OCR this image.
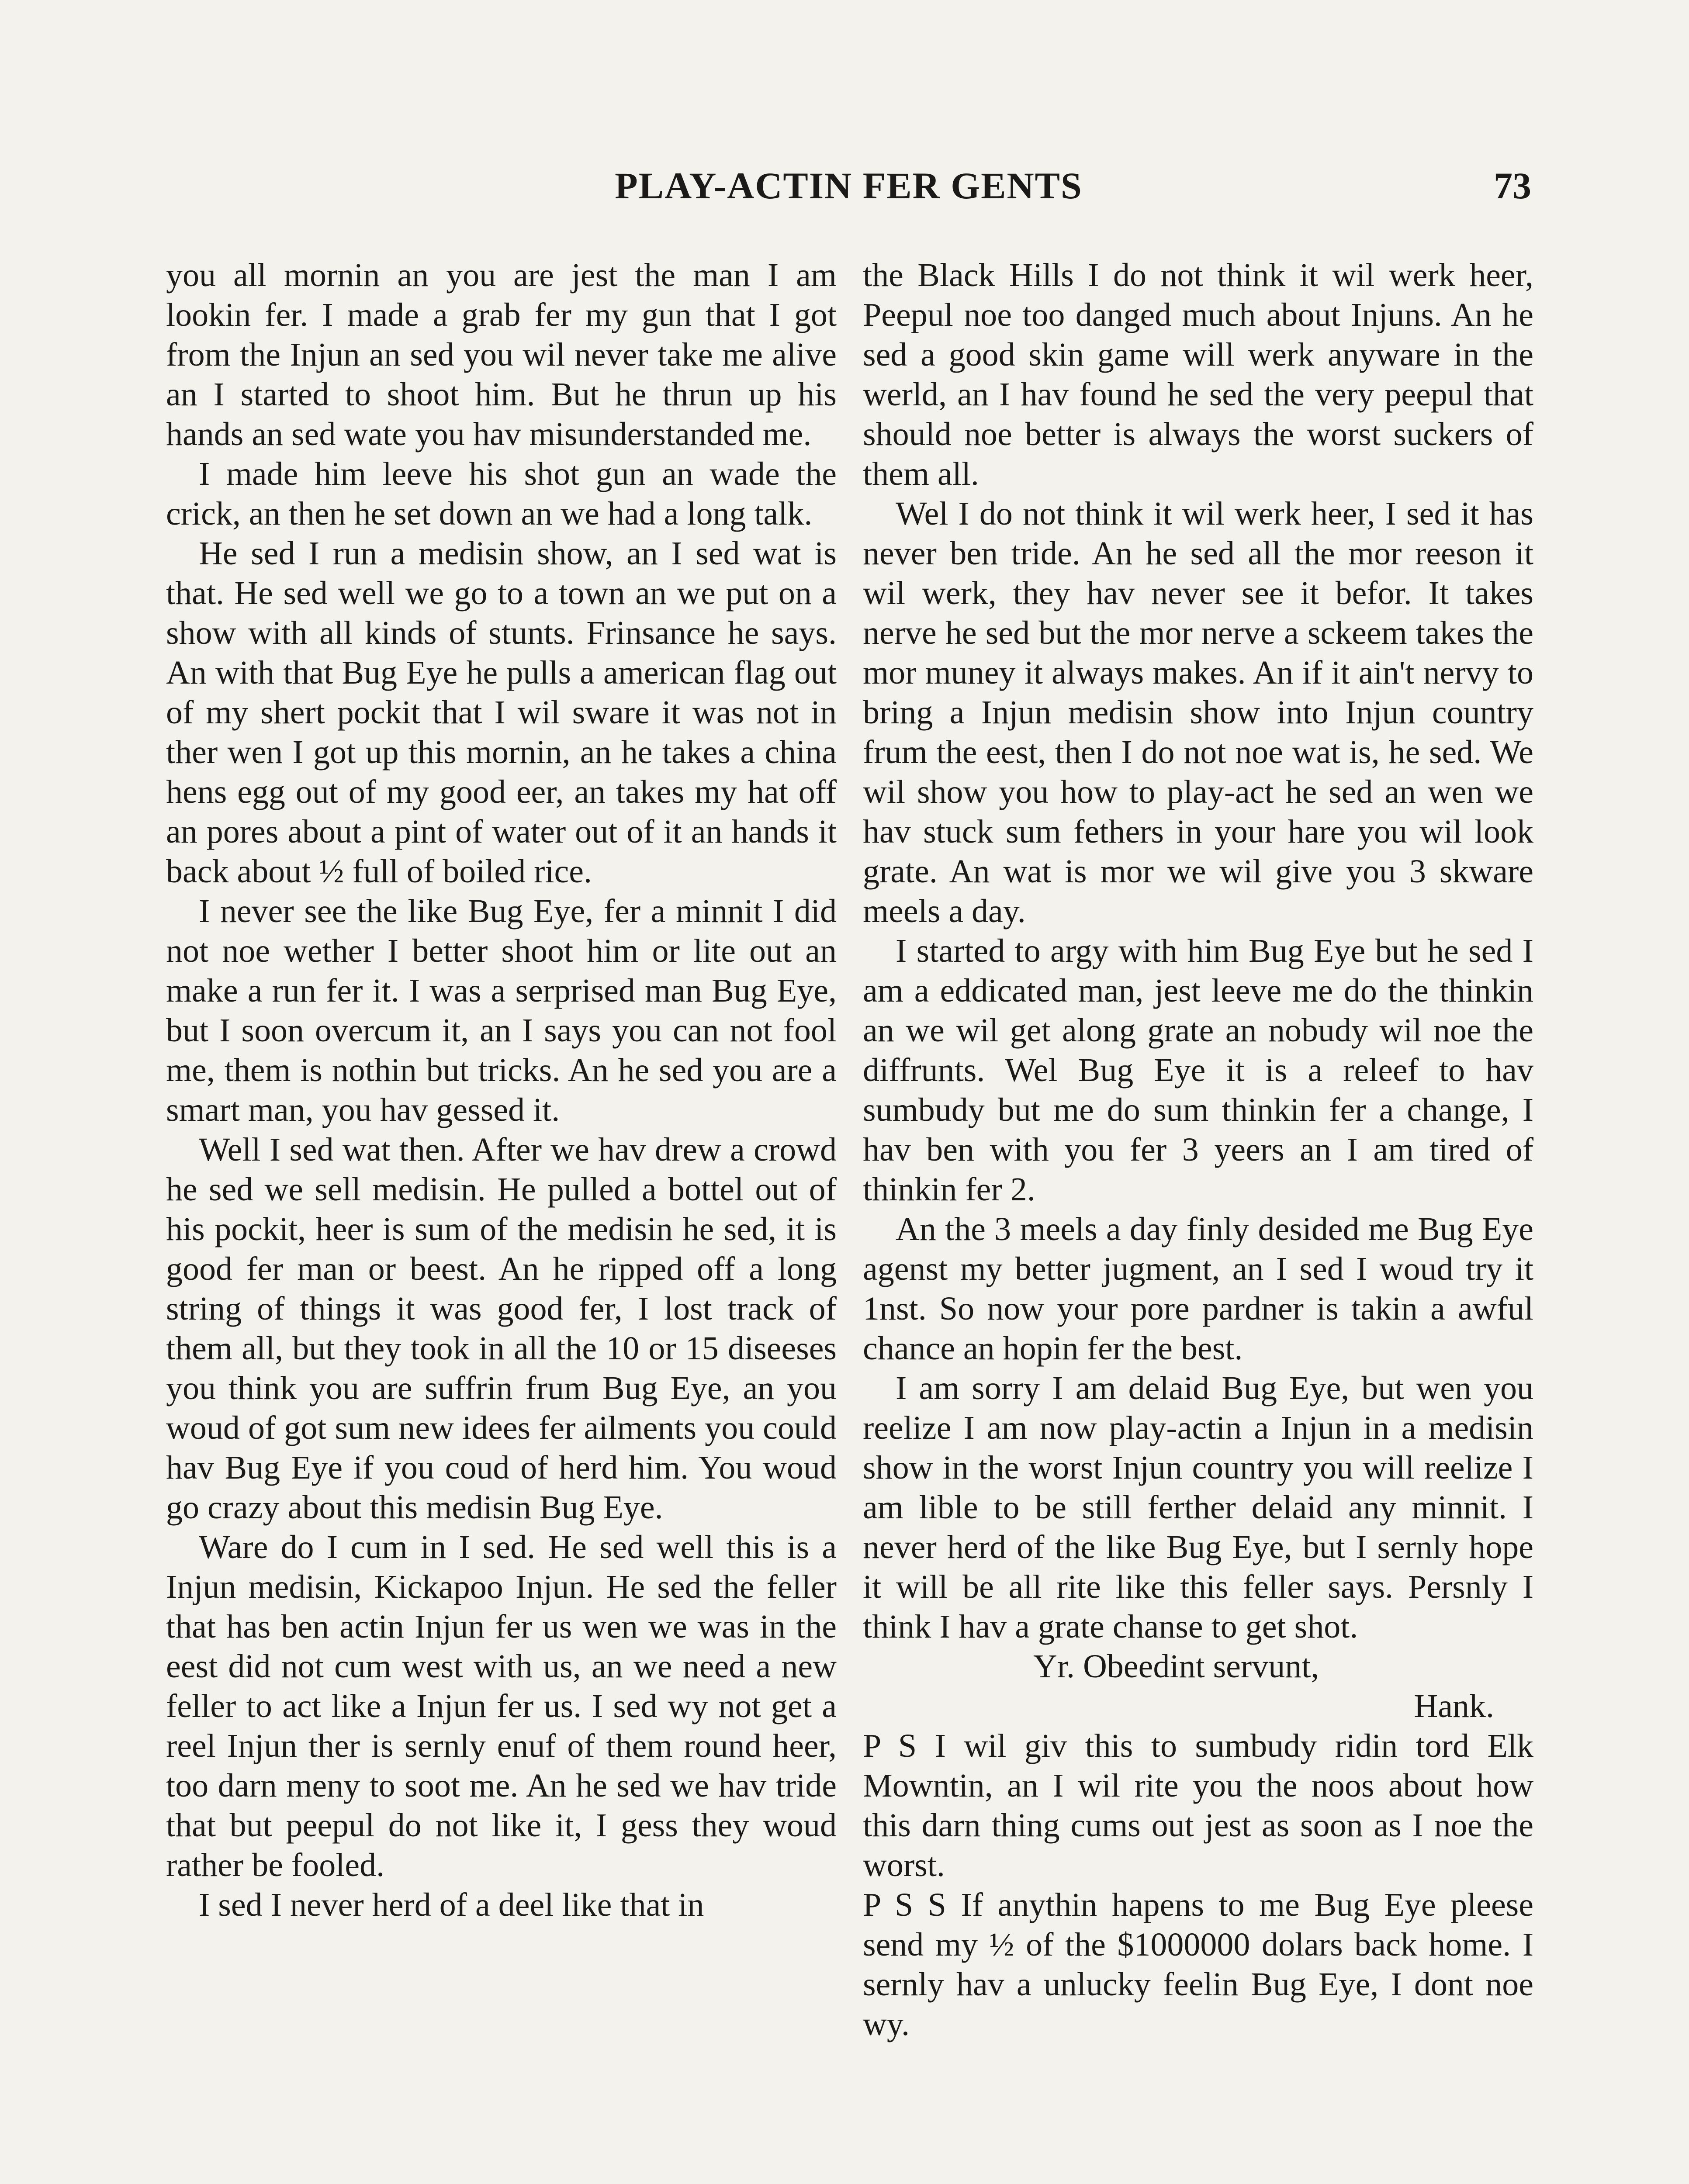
PLAY-ACTIN FER GENTS	73

you all mornin an you are jest the man I am lookin fer. I made a grab fer my gun that I got from the Injun an sed you wil never take me alive an I started to shoot him. But he thrun up his hands an sed wate you hav misunderstanded me.

I made him leeve his shot gun an wade the crick, an then he set down an we had a long talk.

He sed I run a medisin show, an I sed wat is that. He sed well we go to a town an we put on a show with all kinds of stunts. Frinsance he says. An with that Bug Eye he pulls a american flag out of my shert pockit that I wil sware it was not in ther wen I got up this mornin, an he takes a china hens egg out of my good eer, an takes my hat off an pores about a pint of water out of it an hands it back about ½ full of boiled rice.

I never see the like Bug Eye, fer a minnit I did not noe wether I better shoot him or lite out an make a run fer it. I was a serprised man Bug Eye, but I soon overcum it, an I says you can not fool me, them is nothin but tricks. An he sed you are a smart man, you hav gessed it.

Well I sed wat then. After we hav drew a crowd he sed we sell medisin. He pulled a bottel out of his pockit, heer is sum of the medisin he sed, it is good fer man or beest. An he ripped off a long string of things it was good fer, I lost track of them all, but they took in all the 10 or 15 diseeses you think you are suffrin frum Bug Eye, an you woud of got sum new idees fer ailments you could hav Bug Eye if you coud of herd him. You woud go crazy about this medisin Bug Eye.

Ware do I cum in I sed. He sed well this is a Injun medisin, Kickapoo Injun. He sed the feller that has ben actin Injun fer us wen we was in the eest did not cum west with us, an we need a new feller to act like a Injun fer us. I sed wy not get a reel Injun ther is sernly enuf of them round heer, too darn meny to soot me. An he sed we hav tride that but peepul do not like it, I gess they woud rather be fooled.

I sed I never herd of a deel like that in

the Black Hills I do not think it wil werk heer, Peepul noe too danged much about Injuns. An he sed a good skin game will werk anyware in the werld, an I hav found he sed the very peepul that should noe better is always the worst suckers of them all.

Wel I do not think it wil werk heer, I sed it has never ben tride. An he sed all the mor reeson it wil werk, they hav never see it befor. It takes nerve he sed but the mor nerve a sckeem takes the mor muney it always makes. An if it ain't nervy to bring a Injun medisin show into Injun country frum the eest, then I do not noe wat is, he sed. We wil show you how to play-act he sed an wen we hav stuck sum fethers in your hare you wil look grate. An wat is mor we wil give you 3 skware meels a day.

I started to argy with him Bug Eye but he sed I am a eddicated man, jest leeve me do the thinkin an we wil get along grate an nobudy wil noe the diffrunts. Wel Bug Eye it is a releef to hav sumbudy but me do sum thinkin fer a change, I hav ben with you fer 3 yeers an I am tired of thinkin fer 2.

An the 3 meels a day finly desided me Bug Eye agenst my better jugment, an I sed I woud try it 1nst. So now your pore pardner is takin a awful chance an hopin fer the best.

I am sorry I am delaid Bug Eye, but wen you reelize I am now play-actin a Injun in a medisin show in the worst Injun country you will reelize I am lible to be still ferther delaid any minnit. I never herd of the like Bug Eye, but I sernly hope it will be all rite like this feller says. Persnly I think I hav a grate chanse to get shot.

Yr. Obeedint servunt,

Hank.

P S I wil giv this to sumbudy ridin tord Elk Mowntin, an I wil rite you the noos about how this darn thing cums out jest as soon as I noe the worst.

P S S If anythin hapens to me Bug Eye pleese send my ½ of the $1000000 dolars back home. I sernly hav a unlucky feelin Bug Eye, I dont noe wy.
